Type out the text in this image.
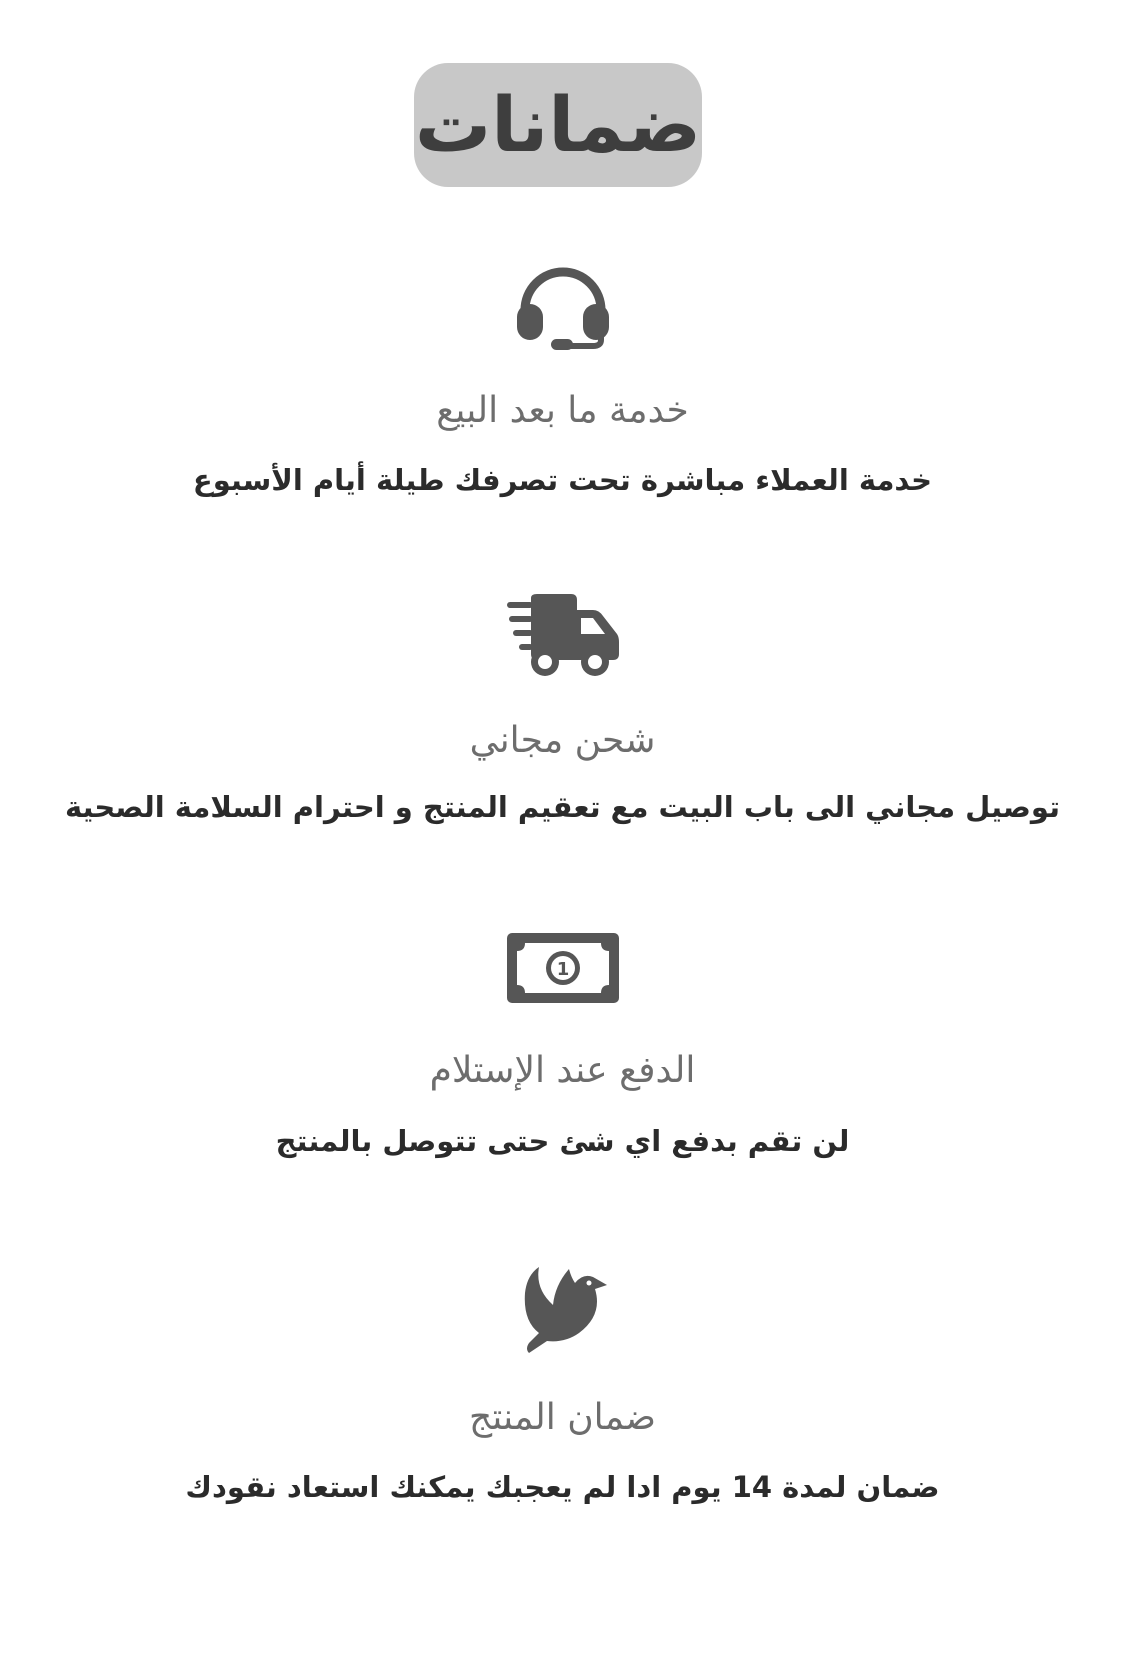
ضمانات
خدمة ما بعد البيع
خدمة العملاء مباشرة تحت تصرفك طيلة أيام الأسبوع
شحن مجاني
توصيل مجاني الى باب البيت مع تعقيم المنتج و احترام السلامة الصحية
1
الدفع عند الإستلام
لن تقم بدفع اي شئ حتى تتوصل بالمنتج
ضمان المنتج
ضمان لمدة 14 يوم ادا لم يعجبك يمكنك استعاد نقودك
